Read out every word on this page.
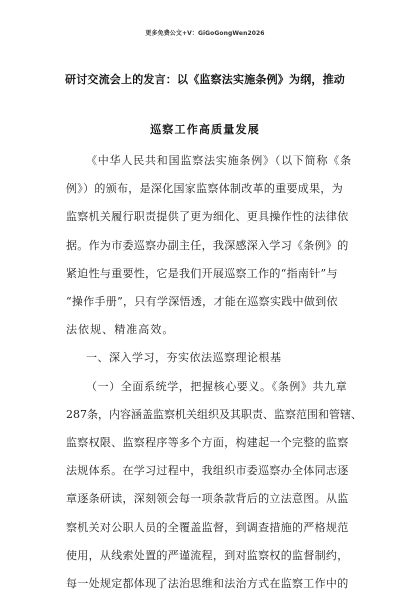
更多免费公文+V：GiGoGongWen2026
研讨交流会上的发言：以《监察法实施条例》为纲，推动
巡察工作高质量发展
《中华人民共和国监察法实施条例》（以下简称《条
例》）的颁布，是深化国家监察体制改革的重要成果，为
监察机关履行职责提供了更为细化、更具操作性的法律依
据。作为市委巡察办副主任，我深感深入学习《条例》的
紧迫性与重要性，它是我们开展巡察工作的“指南针”与
“操作手册”，只有学深悟透，才能在巡察实践中做到依
法依规、精准高效。
一、深入学习，夯实依法巡察理论根基
（一）全面系统学，把握核心要义。《条例》共九章
287条，内容涵盖监察机关组织及其职责、监察范围和管辖、
监察权限、监察程序等多个方面，构建起一个完整的监察
法规体系。在学习过程中，我组织市委巡察办全体同志逐
章逐条研读，深刻领会每一项条款背后的立法意图。从监
察机关对公职人员的全覆盖监督，到调查措施的严格规范
使用，从线索处置的严谨流程，到对监察权的监督制约，
每一处规定都体现了法治思维和法治方式在监察工作中的
